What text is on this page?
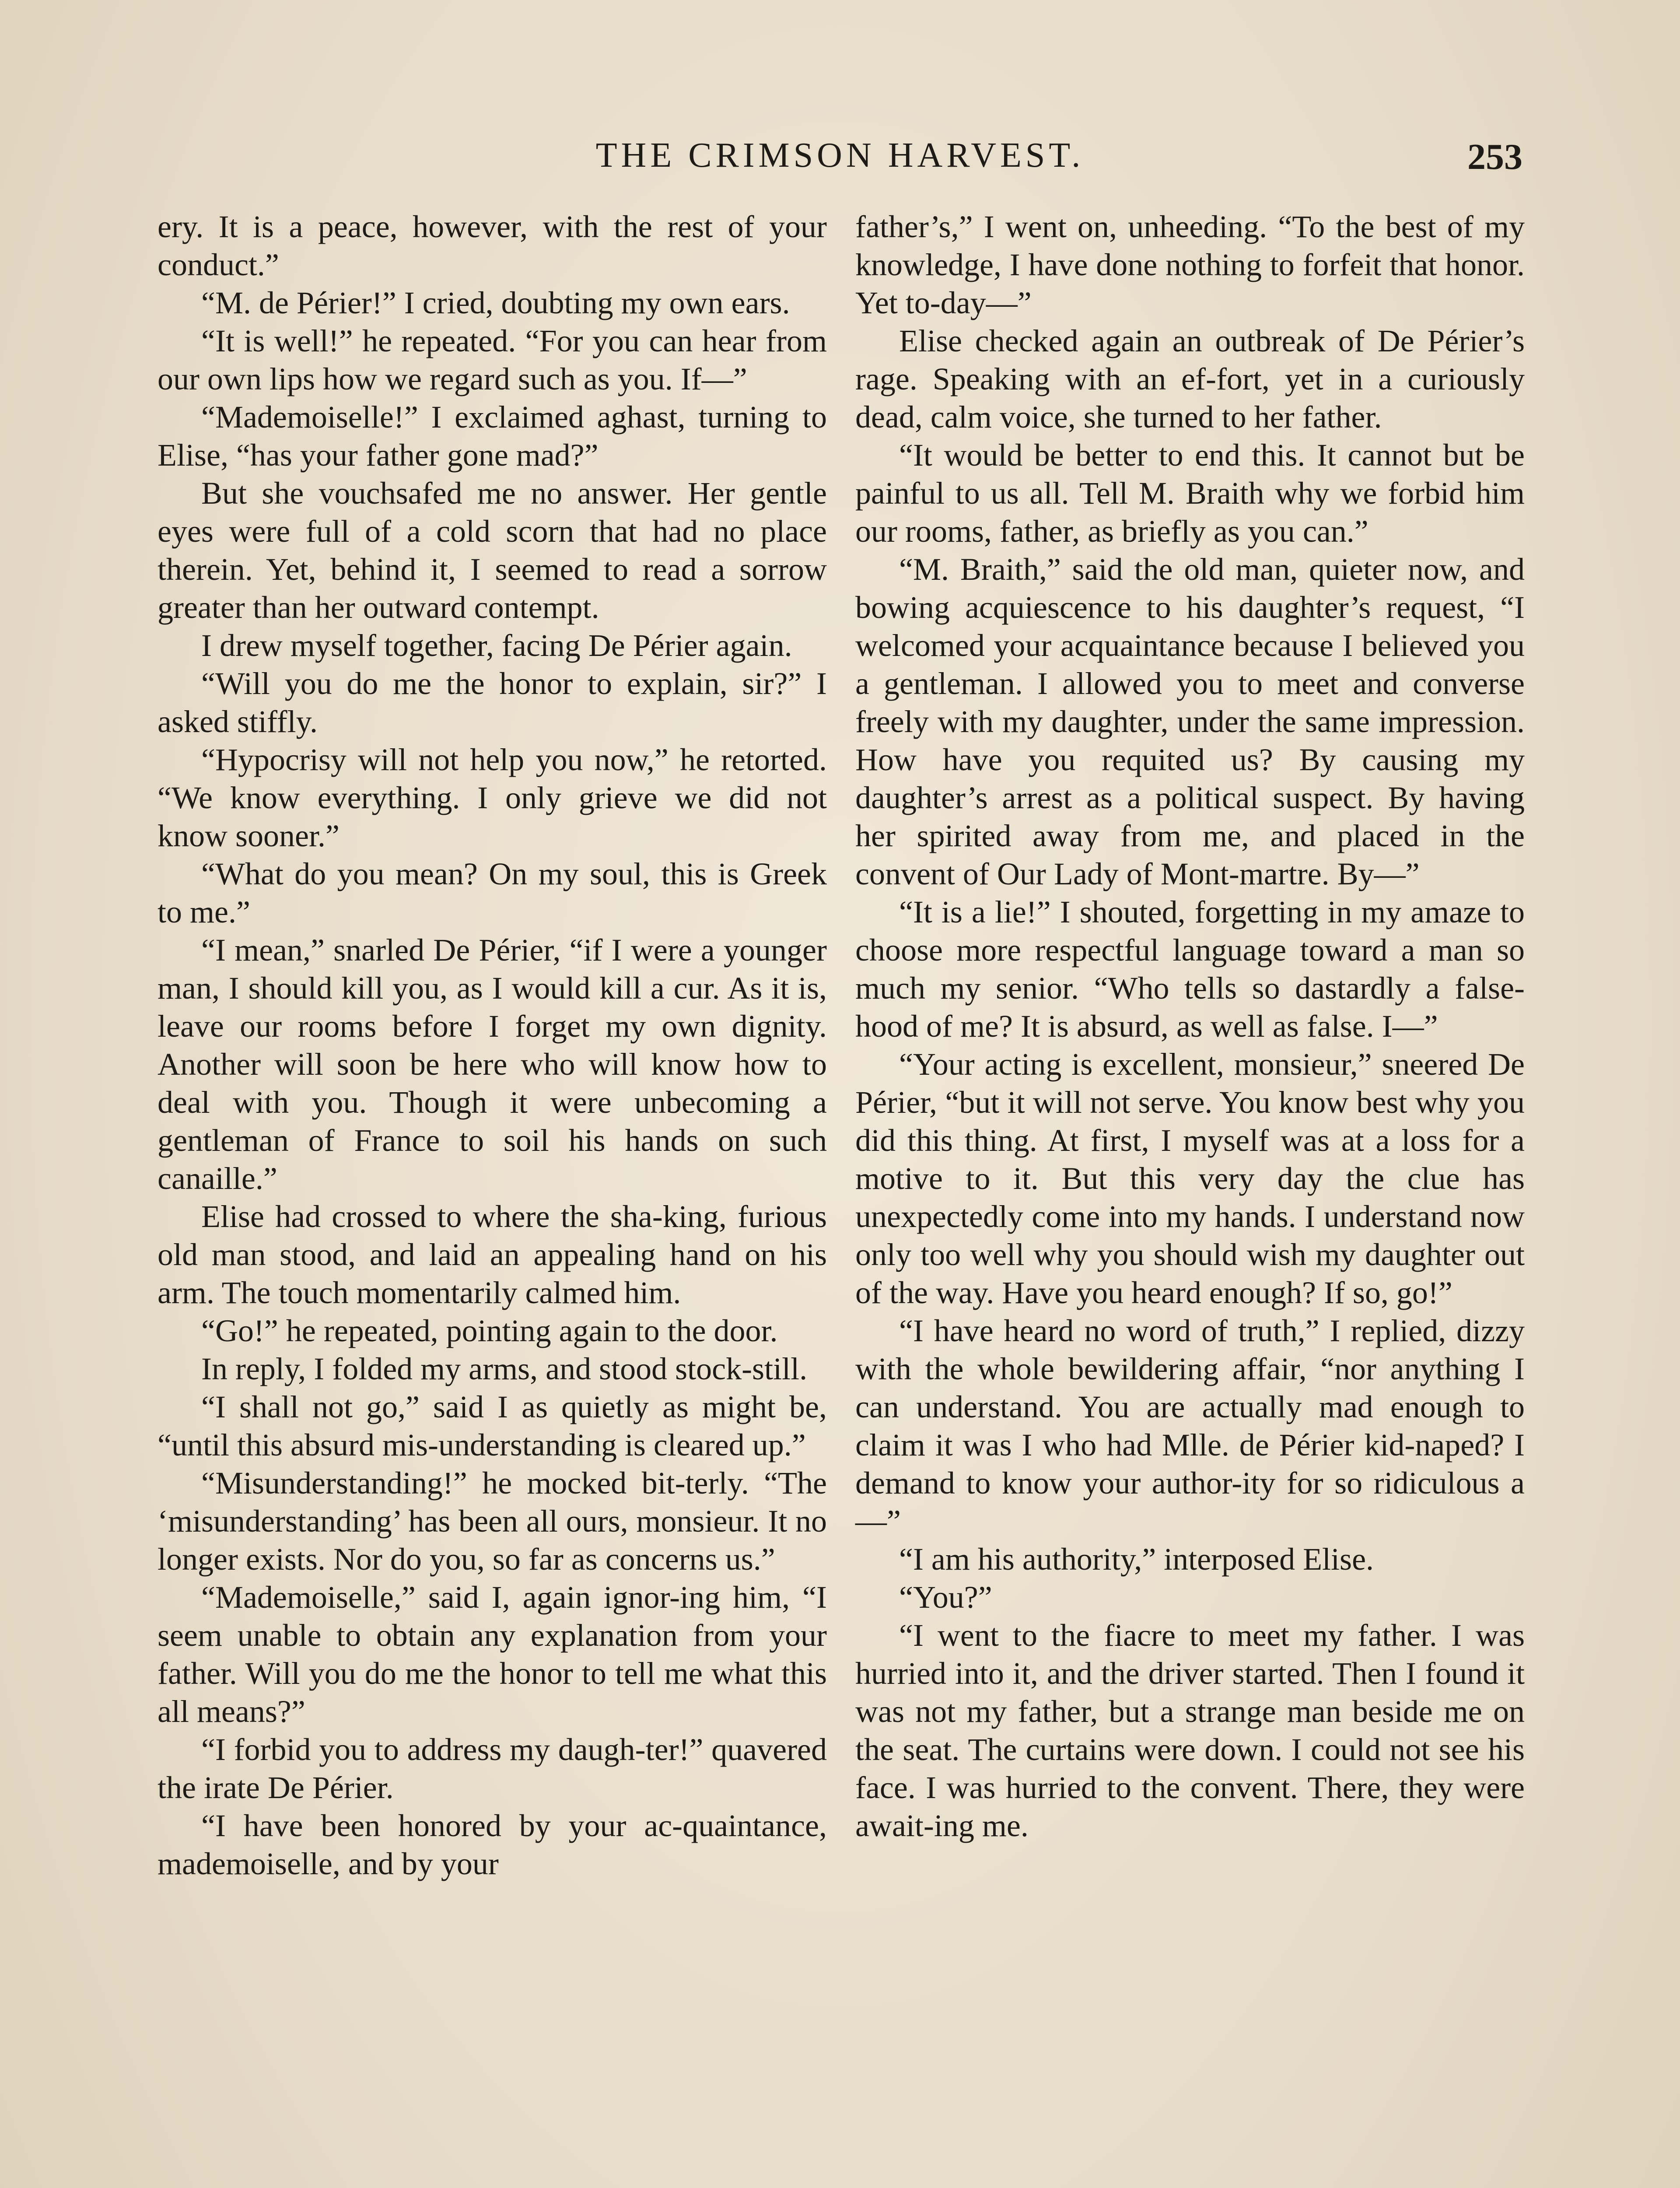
THE CRIMSON HARVEST.	253

ery. It is a peace, however, with the rest of your conduct.”

“M. de Périer!” I cried, doubting my own ears.

“It is well!” he repeated. “For you can hear from our own lips how we regard such as you. If—”

“Mademoiselle!” I exclaimed aghast, turning to Elise, “has your father gone mad?”

But she vouchsafed me no answer. Her gentle eyes were full of a cold scorn that had no place therein. Yet, behind it, I seemed to read a sorrow greater than her outward contempt.

I drew myself together, facing De Périer again.

“Will you do me the honor to explain, sir?” I asked stiffly.

“Hypocrisy will not help you now,” he retorted. “We know everything. I only grieve we did not know sooner.”

“What do you mean? On my soul, this is Greek to me.”

“I mean,” snarled De Périer, “if I were a younger man, I should kill you, as I would kill a cur. As it is, leave our rooms before I forget my own dignity. Another will soon be here who will know how to deal with you. Though it were unbecoming a gentleman of France to soil his hands on such canaille.”

Elise had crossed to where the sha-king, furious old man stood, and laid an appealing hand on his arm. The touch momentarily calmed him.

“Go!” he repeated, pointing again to the door.

In reply, I folded my arms, and stood stock-still.

“I shall not go,” said I as quietly as might be, “until this absurd mis-understanding is cleared up.”

“Misunderstanding!” he mocked bit-terly. “The ‘misunderstanding’ has been all ours, monsieur. It no longer exists. Nor do you, so far as concerns us.”

“Mademoiselle,” said I, again ignor-ing him, “I seem unable to obtain any explanation from your father. Will you do me the honor to tell me what this all means?”

“I forbid you to address my daugh-ter!” quavered the irate De Périer.

“I have been honored by your ac-quaintance, mademoiselle, and by your

father’s,” I went on, unheeding. “To the best of my knowledge, I have done nothing to forfeit that honor. Yet to-day—”

Elise checked again an outbreak of De Périer’s rage. Speaking with an ef-fort, yet in a curiously dead, calm voice, she turned to her father.

“It would be better to end this. It cannot but be painful to us all. Tell M. Braith why we forbid him our rooms, father, as briefly as you can.”

“M. Braith,” said the old man, quieter now, and bowing acquiescence to his daughter’s request, “I welcomed your acquaintance because I believed you a gentleman. I allowed you to meet and converse freely with my daughter, under the same impression. How have you requited us? By causing my daughter’s arrest as a political suspect. By having her spirited away from me, and placed in the convent of Our Lady of Mont-martre. By—”

“It is a lie!” I shouted, forgetting in my amaze to choose more respectful language toward a man so much my senior. “Who tells so dastardly a false-hood of me? It is absurd, as well as false. I—”

“Your acting is excellent, monsieur,” sneered De Périer, “but it will not serve. You know best why you did this thing. At first, I myself was at a loss for a motive to it. But this very day the clue has unexpectedly come into my hands. I understand now only too well why you should wish my daughter out of the way. Have you heard enough? If so, go!”

“I have heard no word of truth,” I replied, dizzy with the whole bewildering affair, “nor anything I can understand. You are actually mad enough to claim it was I who had Mlle. de Périer kid-naped? I demand to know your author-ity for so ridiculous a—”

“I am his authority,” interposed Elise.

“You?”

“I went to the fiacre to meet my father. I was hurried into it, and the driver started. Then I found it was not my father, but a strange man beside me on the seat. The curtains were down. I could not see his face. I was hurried to the convent. There, they were await-ing me.
